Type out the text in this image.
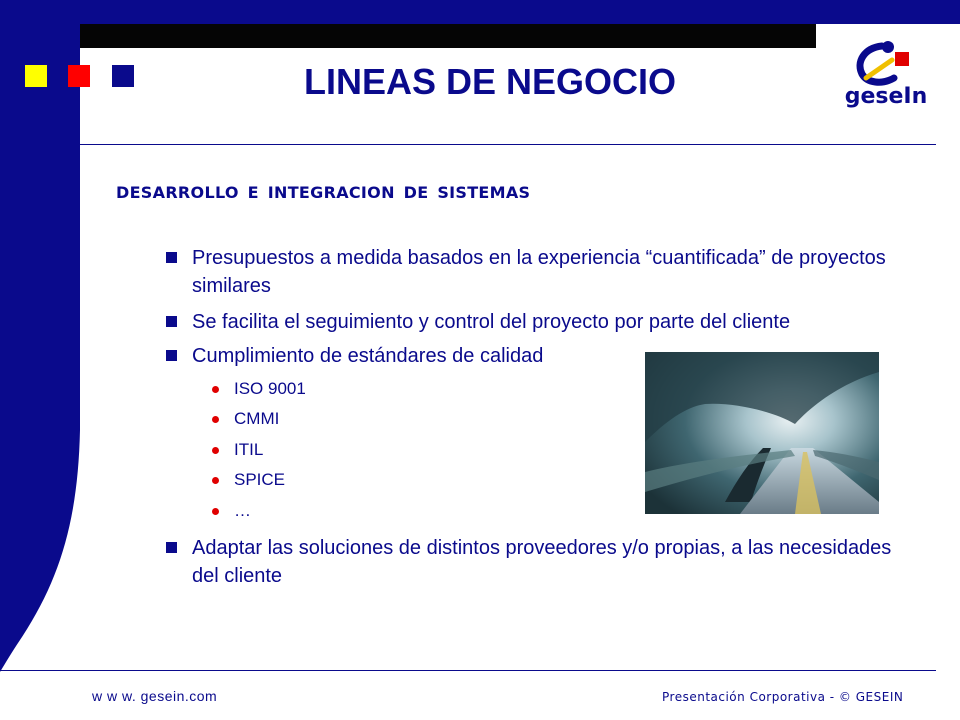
LINEAS DE NEGOCIO	geseIn
DESARROLLO E INTEGRACION DE SISTEMAS
Presupuestos a medida basados en la experiencia “cuantificada” de proyectos similares
Se facilita el seguimiento y control del proyecto por parte del cliente
Cumplimiento de estándares de calidad
ISO 9001
CMMI
ITIL
SPICE
…
Adaptar las soluciones de distintos proveedores y/o propias, a las necesidades del cliente
w w w. gesein.com	Presentación Corporativa - © GESEIN
